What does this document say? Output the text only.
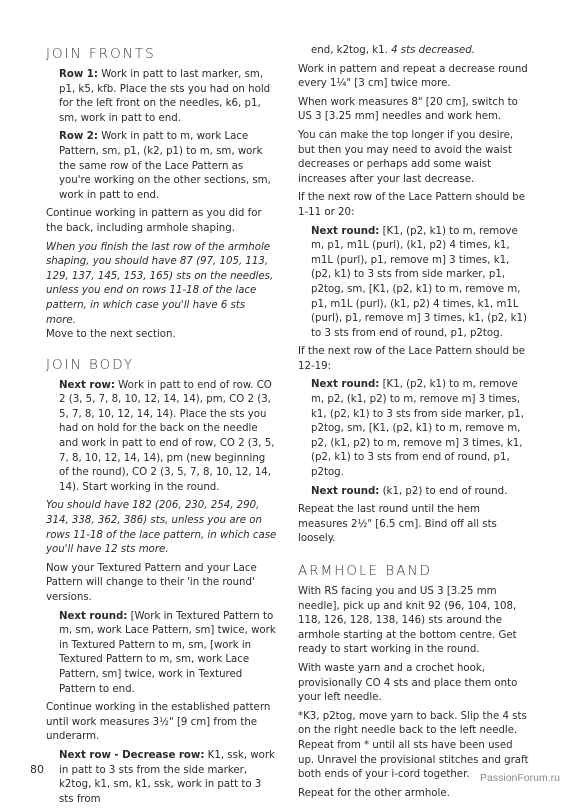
JOIN FRONTS

Row 1: Work in patt to last marker, sm, p1, k5, kfb. Place the sts you had on hold for the left front on the needles, k6, p1, sm, work in patt to end.

Row 2: Work in patt to m, work Lace Pattern, sm, p1, (k2, p1) to m, sm, work the same row of the Lace Pattern as you're working on the other sections, sm, work in patt to end.

Continue working in pattern as you did for the back, including armhole shaping.

When you finish the last row of the armhole shaping, you should have 87 (97, 105, 113, 129, 137, 145, 153, 165) sts on the needles, unless you end on rows 11-18 of the lace pattern, in which case you'll have 6 sts more.

Move to the next section.

JOIN BODY

Next row: Work in patt to end of row. CO 2 (3, 5, 7, 8, 10, 12, 14, 14), pm, CO 2 (3, 5, 7, 8, 10, 12, 14, 14). Place the sts you had on hold for the back on the needle and work in patt to end of row, CO 2 (3, 5, 7, 8, 10, 12, 14, 14), pm (new beginning of the round), CO 2 (3, 5, 7, 8, 10, 12, 14, 14). Start working in the round.

You should have 182 (206, 230, 254, 290, 314, 338, 362, 386) sts, unless you are on rows 11-18 of the lace pattern, in which case you'll have 12 sts more.

Now your Textured Pattern and your Lace Pattern will change to their 'in the round' versions.

Next round: [Work in Textured Pattern to m, sm, work Lace Pattern, sm] twice, work in Textured Pattern to m, sm, [work in Textured Pattern to m, sm, work Lace Pattern, sm] twice, work in Textured Pattern to end.

Continue working in the established pattern until work measures 3½" [9 cm] from the underarm.

Next row - Decrease row: K1, ssk, work in patt to 3 sts from the side marker, k2tog, k1, sm, k1, ssk, work in patt to 3 sts from

end, k2tog, k1. 4 sts decreased.

Work in pattern and repeat a decrease round every 1¼" [3 cm] twice more.

When work measures 8" [20 cm], switch to US 3 [3.25 mm] needles and work hem.

You can make the top longer if you desire, but then you may need to avoid the waist decreases or perhaps add some waist increases after your last decrease.

If the next row of the Lace Pattern should be 1-11 or 20:

Next round: [K1, (p2, k1) to m, remove m, p1, m1L (purl), (k1, p2) 4 times, k1, m1L (purl), p1, remove m] 3 times, k1, (p2, k1) to 3 sts from side marker, p1, p2tog, sm, [K1, (p2, k1) to m, remove m, p1, m1L (purl), (k1, p2) 4 times, k1, m1L (purl), p1, remove m] 3 times, k1, (p2, k1) to 3 sts from end of round, p1, p2tog.

If the next row of the Lace Pattern should be 12-19:

Next round: [K1, (p2, k1) to m, remove m, p2, (k1, p2) to m, remove m] 3 times, k1, (p2, k1) to 3 sts from side marker, p1, p2tog, sm, [K1, (p2, k1) to m, remove m, p2, (k1, p2) to m, remove m] 3 times, k1, (p2, k1) to 3 sts from end of round, p1, p2tog.

Next round: (k1, p2) to end of round.

Repeat the last round until the hem measures 2½" [6.5 cm]. Bind off all sts loosely.

ARMHOLE BAND

With RS facing you and US 3 [3.25 mm needle], pick up and knit 92 (96, 104, 108, 118, 126, 128, 138, 146) sts around the armhole starting at the bottom centre. Get ready to start working in the round.

With waste yarn and a crochet hook, provisionally CO 4 sts and place them onto your left needle.

*K3, p2tog, move yarn to back. Slip the 4 sts on the right needle back to the left needle. Repeat from * until all sts have been used up. Unravel the provisional stitches and graft both ends of your i-cord together.

Repeat for the other armhole.

80
PassionForum.ru
